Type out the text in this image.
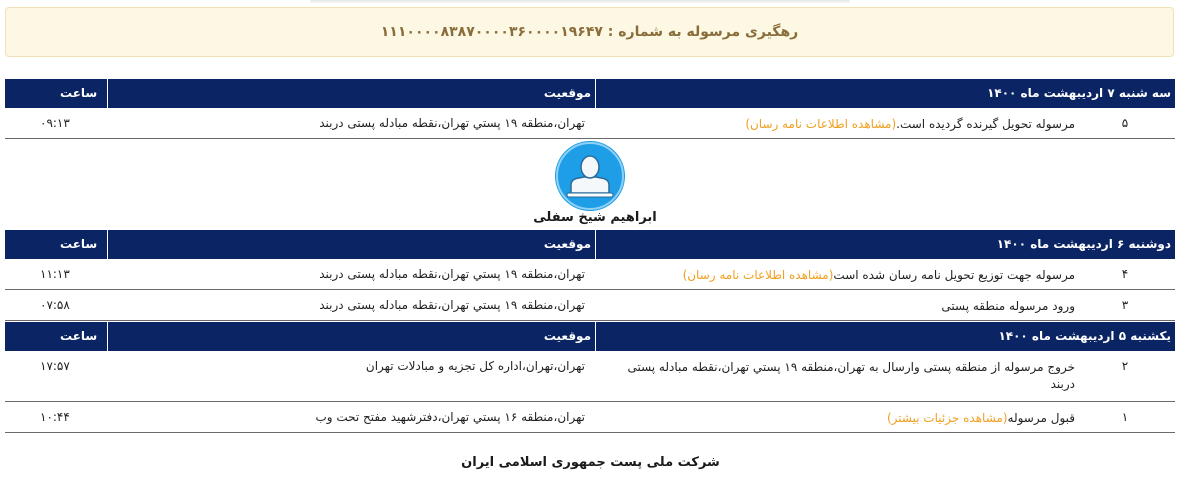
رهگیری مرسوله به شماره : ۱۱۱۰۰۰۰۸۳۸۷۰۰۰۰۳۶۰۰۰۰۱۹۶۴۷
سه شنبه ۷ اردیبهشت ماه ۱۴۰۰
موقعیت
ساعت
۵
مرسوله تحویل گیرنده گردیده است.(مشاهده اطلاعات نامه رسان)
تهران،منطقه ۱۹ پستي تهران،نقطه مبادله پستی دربند
۰۹:۱۳
ابراهیم شیخ سفلی
دوشنبه ۶ اردیبهشت ماه ۱۴۰۰
موقعیت
ساعت
۴
مرسوله جهت توزیع تحویل نامه رسان شده است(مشاهده اطلاعات نامه رسان)
تهران،منطقه ۱۹ پستي تهران،نقطه مبادله پستی دربند
۱۱:۱۳
۳
ورود مرسوله منطقه پستی
تهران،منطقه ۱۹ پستي تهران،نقطه مبادله پستی دربند
۰۷:۵۸
یکشنبه ۵ اردیبهشت ماه ۱۴۰۰
موقعیت
ساعت
۲
خروج مرسوله از منطقه پستی وارسال به تهران،منطقه ۱۹ پستي تهران،نقطه مبادله پستی دربند
تهران،تهران،اداره کل تجزیه و مبادلات تهران
۱۷:۵۷
۱
قبول مرسوله(مشاهده جزئیات بیشتر)
تهران،منطقه ۱۶ پستي تهران،دفترشهید مفتح تحت وب
۱۰:۴۴
شرکت ملی پست جمهوری اسلامی ایران
